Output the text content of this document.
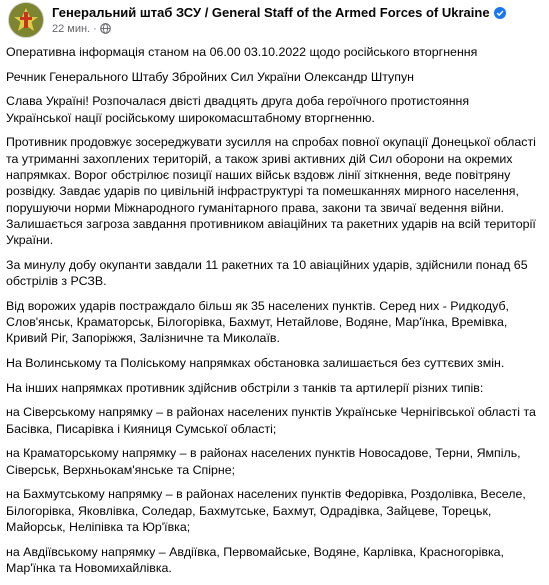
Генеральний штаб ЗСУ / General Staff of the Armed Forces of Ukraine
22 мин. ·

Оперативна інформація станом на 06.00 03.10.2022 щодо російського вторгнення

Речник Генерального Штабу Збройних Сил України Олександр Штупун

Слава Україні! Розпочалася двісті двадцять друга доба героїчного протистояння Української нації російському широкомасштабному вторгненню.

Противник продовжує зосереджувати зусилля на спробах повної окупації Донецької області та утриманні захоплених територій, а також зриві активних дій Сил оборони на окремих напрямках. Ворог обстрілює позиції наших військ вздовж лінії зіткнення, веде повітряну розвідку. Завдає ударів по цивільній інфраструктурі та помешканнях мирного населення, порушуючи норми Міжнародного гуманітарного права, закони та звичаї ведення війни. Залишається загроза завдання противником авіаційних та ракетних ударів на всій території України.

За минулу добу окупанти завдали 11 ракетних та 10 авіаційних ударів, здійснили понад 65 обстрілів з РСЗВ.

Від ворожих ударів постраждало більш як 35 населених пунктів. Серед них - Ридкодуб, Слов'янськ, Краматорськ, Білогорівка, Бахмут, Нетайлове, Водяне, Мар'їнка, Времівка, Кривий Ріг, Запоріжжя, Залізничне та Миколаїв.

На Волинському та Поліському напрямках обстановка залишається без суттєвих змін.

На інших напрямках противник здійснив обстріли з танків та артилерії різних типів:

на Сіверському напрямку – в районах населених пунктів Українське Чернігівської області та Басівка, Писарівка і Кияниця Сумської області;

на Краматорському напрямку – в районах населених пунктів Новосадове, Терни, Ямпіль, Сіверськ, Верхньокам'янське та Спірне;

на Бахмутському напрямку – в районах населених пунктів Федорівка, Роздолівка, Веселе, Білогорівка, Яковлівка, Соледар, Бахмутське, Бахмут, Одрадівка, Зайцеве, Торецьк, Майорськ, Неліпівка та Юр'ївка;

на Авдіївському напрямку – Авдіївка, Первомайське, Водяне, Карлівка, Красногорівка, Мар'їнка та Новомихайлівка.
